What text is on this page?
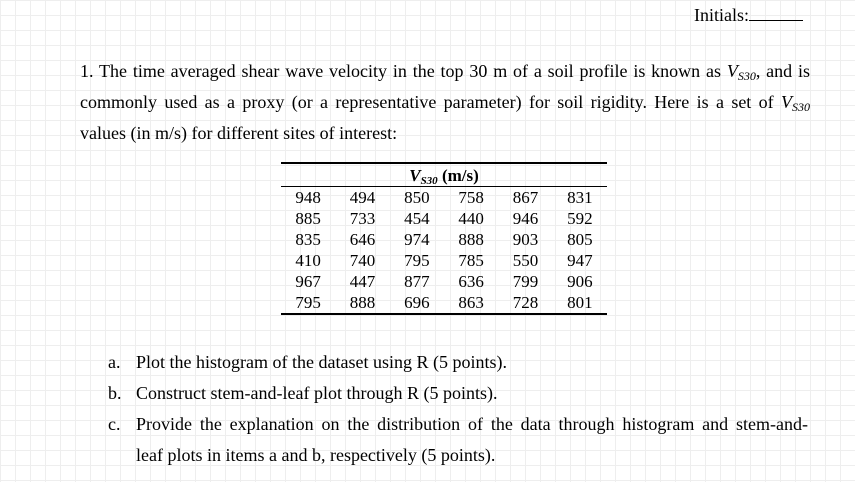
Initials:
1. The time averaged shear wave velocity in the top 30 m of a soil profile is known as $V_{S30}$, and is
commonly used as a proxy (or a representative parameter) for soil rigidity. Here is a set of $V_{S30}$
values (in m/s) for different sites of interest:
$V_{S30}$ (m/s)
948	494	850	758	867	831
885	733	454	440	946	592
835	646	974	888	903	805
410	740	795	785	550	947
967	447	877	636	799	906
795	888	696	863	728	801
a. Plot the histogram of the dataset using R (5 points).
b. Construct stem-and-leaf plot through R (5 points).
c. Provide the explanation on the distribution of the data through histogram and stem-and-
leaf plots in items a and b, respectively (5 points).
